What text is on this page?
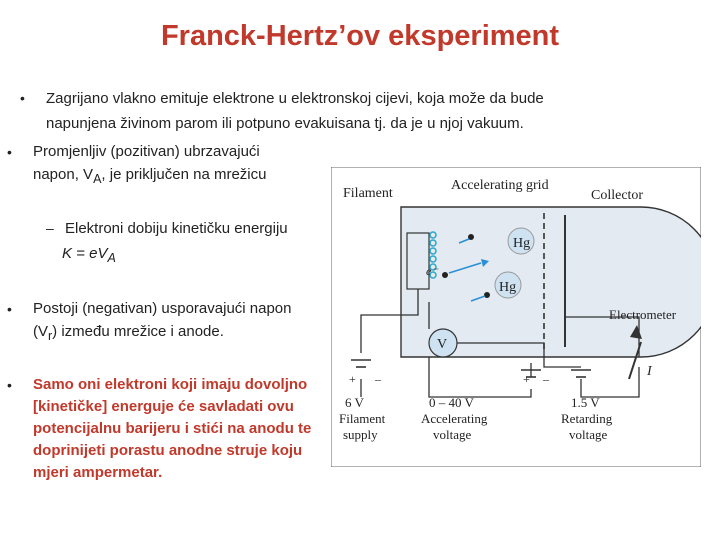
Franck-Hertz’ov eksperiment
• Zagrijano vlakno emituje elektrone u elektronskoj cijevi, koja može da bude
napunjena živinom parom ili potpuno evakuisana tj. da je u njoj vakuum.
• Promjenljiv (pozitivan) ubrzavajući
napon, $V_A$, je priključen na mrežicu
– Elektroni dobiju kinetičku energiju
$K = eV_A$
• Postoji (negativan) usporavajući napon
$(V_r)$ između mrežice i anode.
• Samo oni elektroni koji imaju dovoljno [kinetičke] energuje će savladati ovu potencijalnu barijeru i stići na anodu te doprinijeti porastu anodne struje koju mjeri ampermetar.
Filament
Accelerating grid
Collector
Electrometer
Hg
Hg
e⁻
V
I
+ –	+ –
6 V
Filament
supply
0 – 40 V
Accelerating
voltage
1.5 V
Retarding
voltage
